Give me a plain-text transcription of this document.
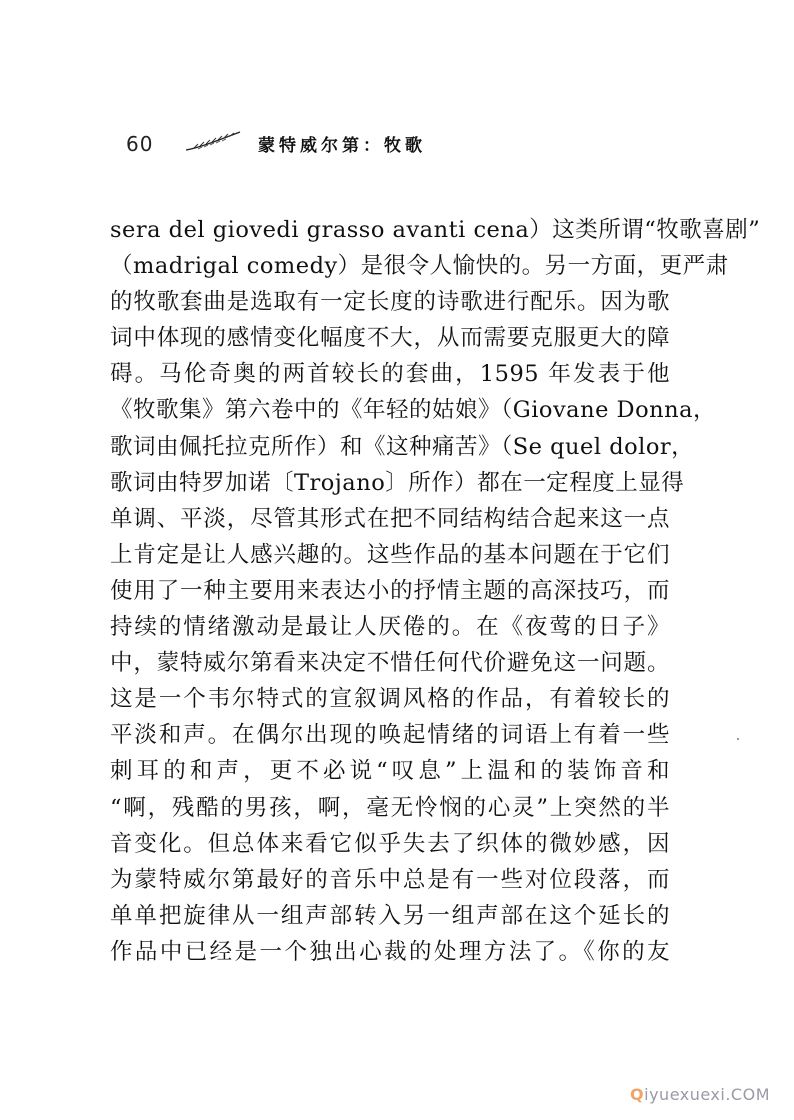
60	蒙特威尔第：牧歌
sera del giovedi grasso avanti cena）这类所谓“牧歌喜剧”
（madrigal comedy）是很令人愉快的。另一方面，更严肃
的牧歌套曲是选取有一定长度的诗歌进行配乐。因为歌
词中体现的感情变化幅度不大，从而需要克服更大的障
碍。马伦奇奥的两首较长的套曲，1595 年发表于他
《牧歌集》第六卷中的《年轻的姑娘》（Giovane Donna，
歌词由佩托拉克所作）和《这种痛苦》（Se quel dolor，
歌词由特罗加诺〔Trojano〕所作）都在一定程度上显得
单调、平淡，尽管其形式在把不同结构结合起来这一点
上肯定是让人感兴趣的。这些作品的基本问题在于它们
使用了一种主要用来表达小的抒情主题的高深技巧，而
持续的情绪激动是最让人厌倦的。在《夜莺的日子》
中，蒙特威尔第看来决定不惜任何代价避免这一问题。
这是一个韦尔特式的宣叙调风格的作品，有着较长的
平淡和声。在偶尔出现的唤起情绪的词语上有着一些
刺耳的和声，更不必说“叹息”上温和的装饰音和
“啊，残酷的男孩，啊，毫无怜悯的心灵”上突然的半
音变化。但总体来看它似乎失去了织体的微妙感，因
为蒙特威尔第最好的音乐中总是有一些对位段落，而
单单把旋律从一组声部转入另一组声部在这个延长的
作品中已经是一个独出心裁的处理方法了。《你的友
Qiyuexuexi.COM
